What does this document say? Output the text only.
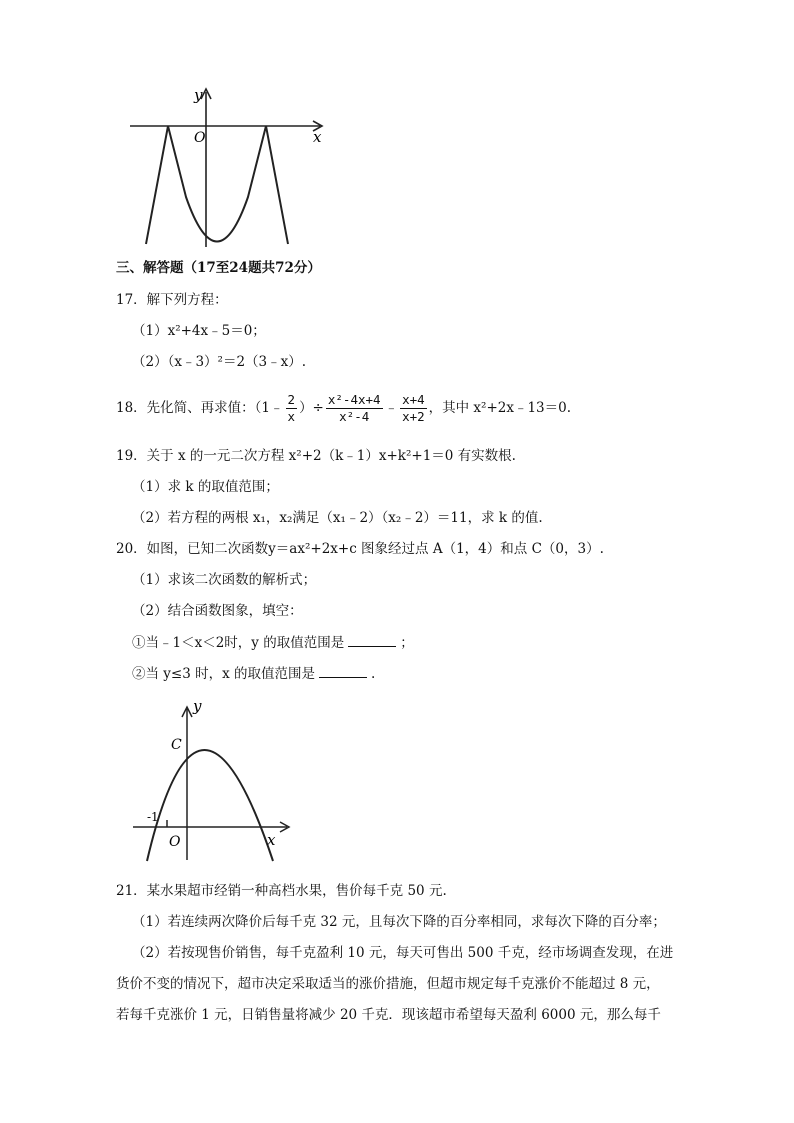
y
x
O
三、解答题（17至24题共72分）
17．解下列方程：
（1）x²+4x﹣5＝0；
（2）（x﹣3）²＝2（3﹣x）.
18．先化简、再求值：（1﹣ $\frac{2}{x}$ ）÷ $\frac{\text{x²-4x+4}}{\text{x²-4}}$ ﹣ $\frac{x+4}{x+2}$ ，其中 x²+2x﹣13＝0.
19．关于 x 的一元二次方程 x²+2（k﹣1）x+k²+1＝0 有实数根.
（1）求 k 的取值范围；
（2）若方程的两根 x₁，x₂满足（x₁﹣2）（x₂﹣2）＝11，求 k 的值.
20．如图，已知二次函数y＝ax²+2x+c 图象经过点 A（1，4）和点 C（0，3）.
（1）求该二次函数的解析式；
（2）结合函数图象，填空：
①当﹣1＜x＜2时，y 的取值范围是	；
②当 y≤3 时，x 的取值范围是	.
y
x
O
C
-1
21．某水果超市经销一种高档水果，售价每千克 50 元.
（1）若连续两次降价后每千克 32 元，且每次下降的百分率相同，求每次下降的百分率；
（2）若按现售价销售，每千克盈利 10 元，每天可售出 500 千克，经市场调查发现，在进
货价不变的情况下，超市决定采取适当的涨价措施，但超市规定每千克涨价不能超过 8 元，
若每千克涨价 1 元，日销售量将减少 20 千克．现该超市希望每天盈利 6000 元，那么每千
